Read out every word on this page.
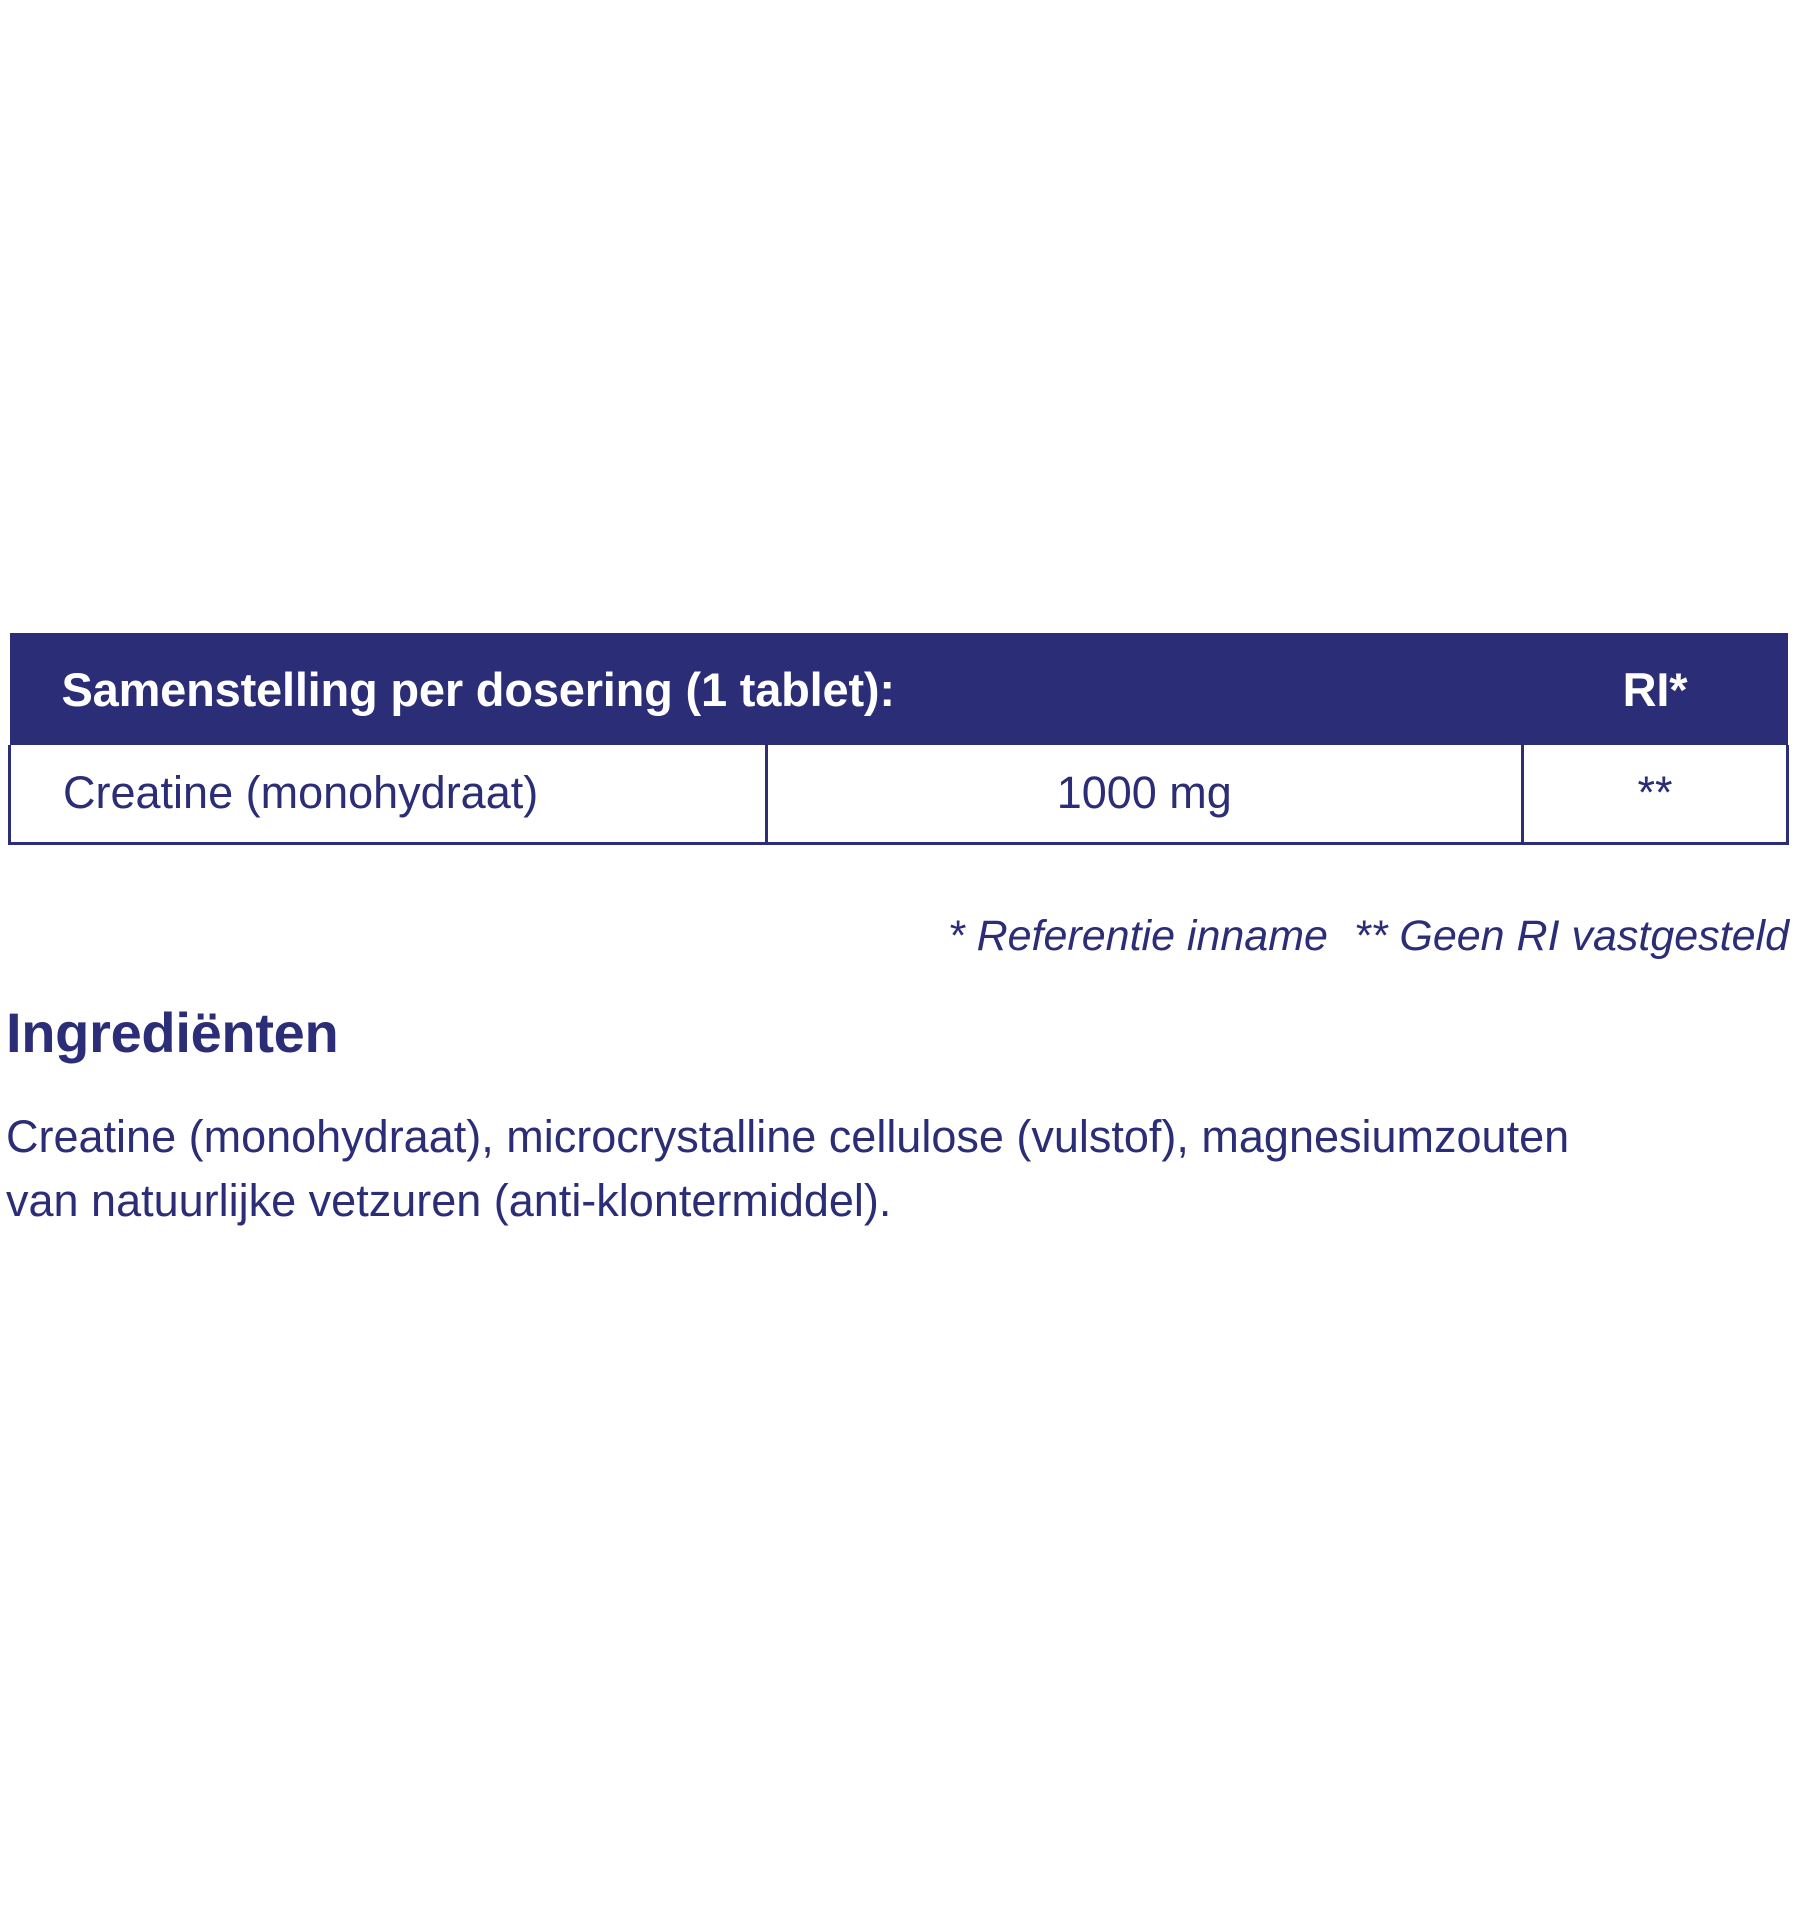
Samenstelling per dosering (1 tablet):		RI*
Creatine (monohydraat)	1000 mg	**
* Referentie inname ** Geen RI vastgesteld
Ingrediënten
Creatine (monohydraat), microcrystalline cellulose (vulstof), magnesiumzouten van natuurlijke vetzuren (anti-klontermiddel).
